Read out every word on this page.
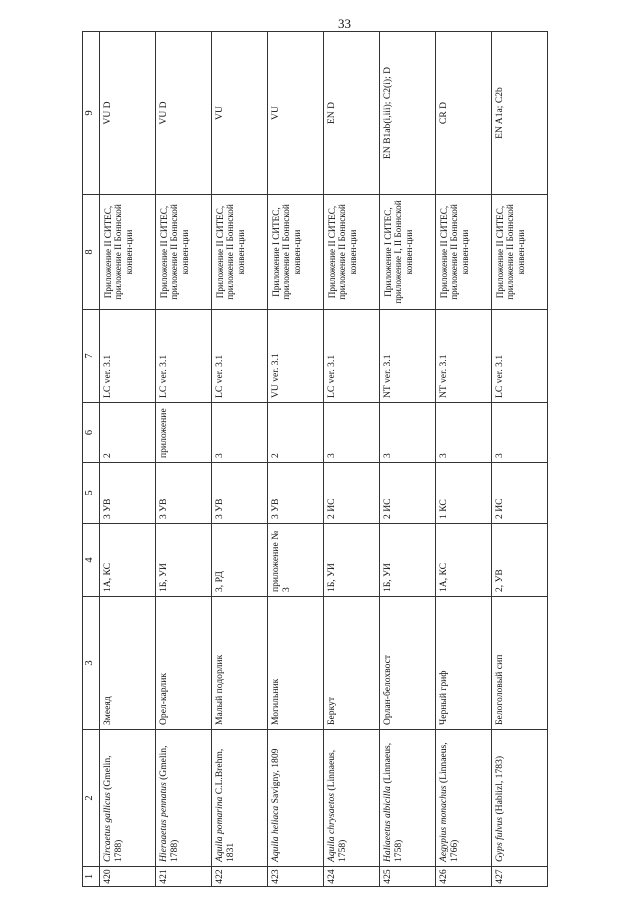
33
1	2	3	4	5	6	7	8	9
420	Circaetus gallicus (Gmelin, 1788)	Змееяд	1А, КС	3 УВ	2	LC ver. 3.1	Приложение II СИТЕС, приложение II Боннской конвен-ции	VU D
421	Hieraaetus pennatus (Gmelin, 1788)	Орел-карлик	1Б, УИ	3 УВ	приложение	LC ver. 3.1	Приложение II СИТЕС, приложение II Боннской конвен-ции	VU D
422	Aquila pomarina C.L.Brehm, 1831	Малый подорлик	3, РД	3 УВ	3	LC ver. 3.1	Приложение II СИТЕС, приложение II Боннской конвен-ции	VU
423	Aquila heliaca Savigny, 1809	Могильник	приложение № 3	3 УВ	2	VU ver. 3.1	Приложение I СИТЕС, приложение II Боннской конвен-ции	VU
424	Aquila chrysaetos (Linnaeus, 1758)	Беркут	1Б, УИ	2 ИС	3	LC ver. 3.1	Приложение II СИТЕС, приложение II Боннской конвен-ции	EN D
425	Haliaeetus albicilla (Linnaeus, 1758)	Орлан-белохвост	1Б, УИ	2 ИС	3	NT ver. 3.1	Приложение I СИТЕС, приложение I, II Боннской конвен-ции	EN B1ab(i,iii); C2(i); D
426	Aegypius monachus (Linnaeus, 1766)	Черный гриф	1А, КС	1 КС	3	NT ver. 3.1	Приложение II СИТЕС, приложение II Боннской конвен-ции	CR D
427	Gyps fulvus (Hablizl, 1783)	Белоголовый сип	2, УВ	2 ИС	3	LC ver. 3.1	Приложение II СИТЕС, приложение II Боннской конвен-ции	EN A1a; C2b
